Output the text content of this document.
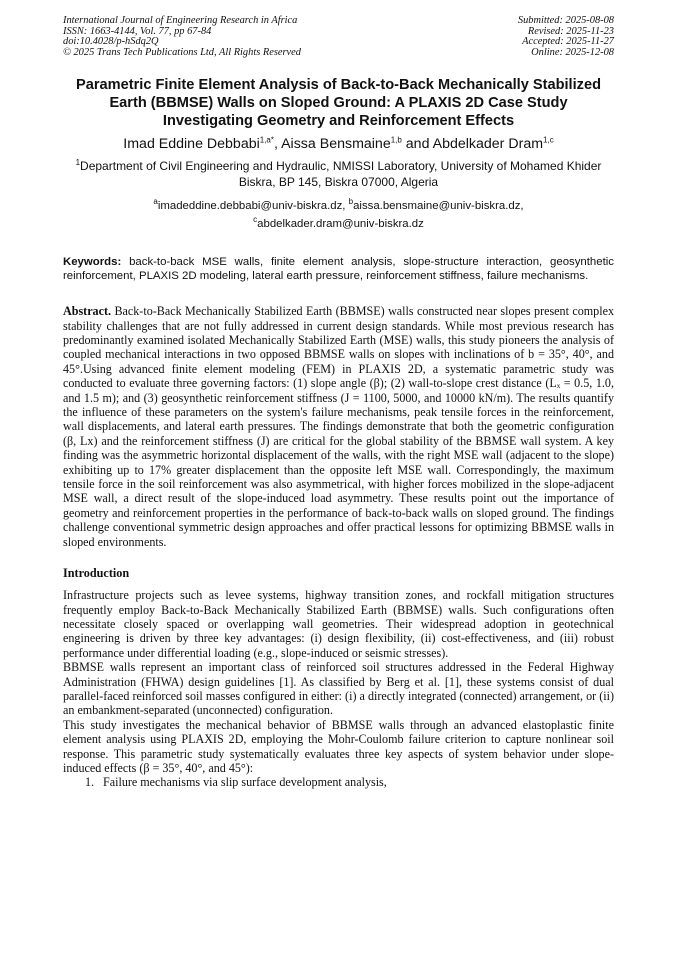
International Journal of Engineering Research in Africa
ISSN: 1663-4144, Vol. 77, pp 67-84
doi:10.4028/p-hSdq2Q
© 2025 Trans Tech Publications Ltd, All Rights Reserved
Submitted: 2025-08-08
Revised: 2025-11-23
Accepted: 2025-11-27
Online: 2025-12-08
Parametric Finite Element Analysis of Back-to-Back Mechanically Stabilized Earth (BBMSE) Walls on Sloped Ground: A PLAXIS 2D Case Study Investigating Geometry and Reinforcement Effects
Imad Eddine Debbabi$^{1,a*}$, Aissa Bensmaine$^{1,b}$ and Abdelkader Dram$^{1,c}$
$^1$Department of Civil Engineering and Hydraulic, NMISSI Laboratory, University of Mohamed Khider Biskra, BP 145, Biskra 07000, Algeria
$^a$imadeddine.debbabi@univ-biskra.dz, $^b$aissa.bensmaine@univ-biskra.dz,
$^c$abdelkader.dram@univ-biskra.dz
Keywords: back-to-back MSE walls, finite element analysis, slope-structure interaction, geosynthetic reinforcement, PLAXIS 2D modeling, lateral earth pressure, reinforcement stiffness, failure mechanisms.
Abstract. Back-to-Back Mechanically Stabilized Earth (BBMSE) walls constructed near slopes present complex stability challenges that are not fully addressed in current design standards. While most previous research has predominantly examined isolated Mechanically Stabilized Earth (MSE) walls, this study pioneers the analysis of coupled mechanical interactions in two opposed BBMSE walls on slopes with inclinations of b = 35°, 40°, and 45°.Using advanced finite element modeling (FEM) in PLAXIS 2D, a systematic parametric study was conducted to evaluate three governing factors: (1) slope angle (β); (2) wall-to-slope crest distance (Lₓ = 0.5, 1.0, and 1.5 m); and (3) geosynthetic reinforcement stiffness (J = 1100, 5000, and 10000 kN/m). The results quantify the influence of these parameters on the system's failure mechanisms, peak tensile forces in the reinforcement, wall displacements, and lateral earth pressures. The findings demonstrate that both the geometric configuration (β, Lx) and the reinforcement stiffness (J) are critical for the global stability of the BBMSE wall system. A key finding was the asymmetric horizontal displacement of the walls, with the right MSE wall (adjacent to the slope) exhibiting up to 17% greater displacement than the opposite left MSE wall. Correspondingly, the maximum tensile force in the soil reinforcement was also asymmetrical, with higher forces mobilized in the slope-adjacent MSE wall, a direct result of the slope-induced load asymmetry. These results point out the importance of geometry and reinforcement properties in the performance of back-to-back walls on sloped ground. The findings challenge conventional symmetric design approaches and offer practical lessons for optimizing BBMSE walls in sloped environments.
Introduction
Infrastructure projects such as levee systems, highway transition zones, and rockfall mitigation structures frequently employ Back-to-Back Mechanically Stabilized Earth (BBMSE) walls. Such configurations often necessitate closely spaced or overlapping wall geometries. Their widespread adoption in geotechnical engineering is driven by three key advantages: (i) design flexibility, (ii) cost-effectiveness, and (iii) robust performance under differential loading (e.g., slope-induced or seismic stresses).
BBMSE walls represent an important class of reinforced soil structures addressed in the Federal Highway Administration (FHWA) design guidelines [1]. As classified by Berg et al. [1], these systems consist of dual parallel-faced reinforced soil masses configured in either: (i) a directly integrated (connected) arrangement, or (ii) an embankment-separated (unconnected) configuration.
This study investigates the mechanical behavior of BBMSE walls through an advanced elastoplastic finite element analysis using PLAXIS 2D, employing the Mohr-Coulomb failure criterion to capture nonlinear soil response. This parametric study systematically evaluates three key aspects of system behavior under slope-induced effects (β = 35°, 40°, and 45°):
1. Failure mechanisms via slip surface development analysis,
